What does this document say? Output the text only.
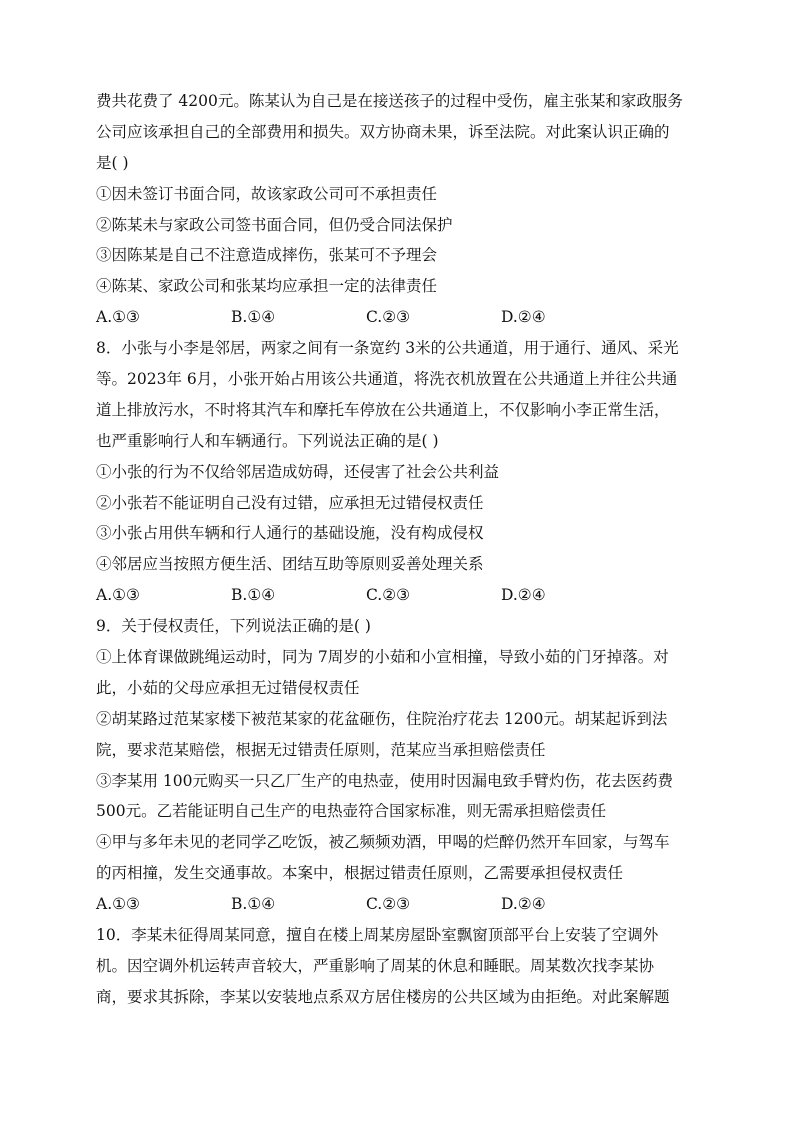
费共花费了 4200元。陈某认为自己是在接送孩子的过程中受伤，雇主张某和家政服务
公司应该承担自己的全部费用和损失。双方协商未果，诉至法院。对此案认识正确的
是( )
①因未签订书面合同，故该家政公司可不承担责任
②陈某未与家政公司签书面合同，但仍受合同法保护
③因陈某是自己不注意造成摔伤，张某可不予理会
④陈某、家政公司和张某均应承担一定的法律责任
A.①③	B.①④	C.②③	D.②④
8．小张与小李是邻居，两家之间有一条宽约 3米的公共通道，用于通行、通风、采光
等。2023年 6月，小张开始占用该公共通道，将洗衣机放置在公共通道上并往公共通
道上排放污水，不时将其汽车和摩托车停放在公共通道上，不仅影响小李正常生活，
也严重影响行人和车辆通行。下列说法正确的是( )
①小张的行为不仅给邻居造成妨碍，还侵害了社会公共利益
②小张若不能证明自己没有过错，应承担无过错侵权责任
③小张占用供车辆和行人通行的基础设施，没有构成侵权
④邻居应当按照方便生活、团结互助等原则妥善处理关系
A.①③	B.①④	C.②③	D.②④
9．关于侵权责任，下列说法正确的是( )
①上体育课做跳绳运动时，同为 7周岁的小茹和小宣相撞，导致小茹的门牙掉落。对
此，小茹的父母应承担无过错侵权责任
②胡某路过范某家楼下被范某家的花盆砸伤，住院治疗花去 1200元。胡某起诉到法
院，要求范某赔偿，根据无过错责任原则，范某应当承担赔偿责任
③李某用 100元购买一只乙厂生产的电热壶，使用时因漏电致手臂灼伤，花去医药费
500元。乙若能证明自己生产的电热壶符合国家标准，则无需承担赔偿责任
④甲与多年未见的老同学乙吃饭，被乙频频劝酒，甲喝的烂醉仍然开车回家，与驾车
的丙相撞，发生交通事故。本案中，根据过错责任原则，乙需要承担侵权责任
A.①③	B.①④	C.②③	D.②④
10．李某未征得周某同意，擅自在楼上周某房屋卧室飘窗顶部平台上安装了空调外
机。因空调外机运转声音较大，严重影响了周某的休息和睡眠。周某数次找李某协
商，要求其拆除，李某以安装地点系双方居住楼房的公共区域为由拒绝。对此案解题
